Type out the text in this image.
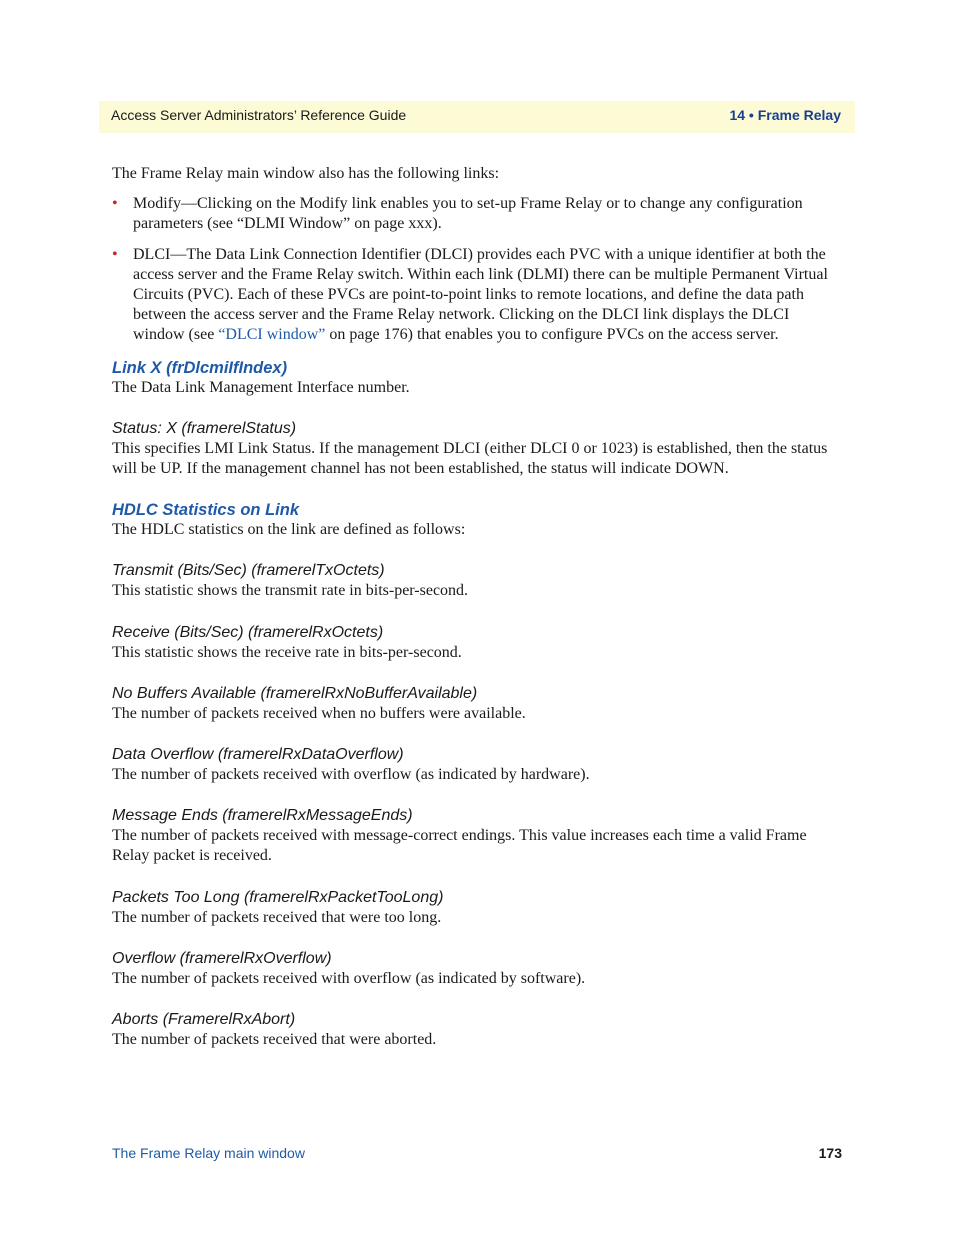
Access Server Administrators’ Reference Guide	14 • Frame Relay

The Frame Relay main window also has the following links:

• Modify—Clicking on the Modify link enables you to set-up Frame Relay or to change any configuration parameters (see “DLMI Window” on page xxx).
• DLCI—The Data Link Connection Identifier (DLCI) provides each PVC with a unique identifier at both the access server and the Frame Relay switch. Within each link (DLMI) there can be multiple Permanent Virtual Circuits (PVC). Each of these PVCs are point-to-point links to remote locations, and define the data path between the access server and the Frame Relay network. Clicking on the DLCI link displays the DLCI window (see “DLCI window” on page 176) that enables you to configure PVCs on the access server.
Link X (frDlcmiIfIndex)

The Data Link Management Interface number.

Status: X (framerelStatus)

This specifies LMI Link Status. If the management DLCI (either DLCI 0 or 1023) is established, then the status will be UP. If the management channel has not been established, the status will indicate DOWN.

HDLC Statistics on Link

The HDLC statistics on the link are defined as follows:

Transmit (Bits/Sec) (framerelTxOctets)

This statistic shows the transmit rate in bits-per-second.

Receive (Bits/Sec) (framerelRxOctets)

This statistic shows the receive rate in bits-per-second.

No Buffers Available (framerelRxNoBufferAvailable)

The number of packets received when no buffers were available.

Data Overflow (framerelRxDataOverflow)

The number of packets received with overflow (as indicated by hardware).

Message Ends (framerelRxMessageEnds)

The number of packets received with message-correct endings. This value increases each time a valid Frame Relay packet is received.

Packets Too Long (framerelRxPacketTooLong)

The number of packets received that were too long.

Overflow (framerelRxOverflow)

The number of packets received with overflow (as indicated by software).

Aborts (FramerelRxAbort)

The number of packets received that were aborted.

The Frame Relay main window	173
